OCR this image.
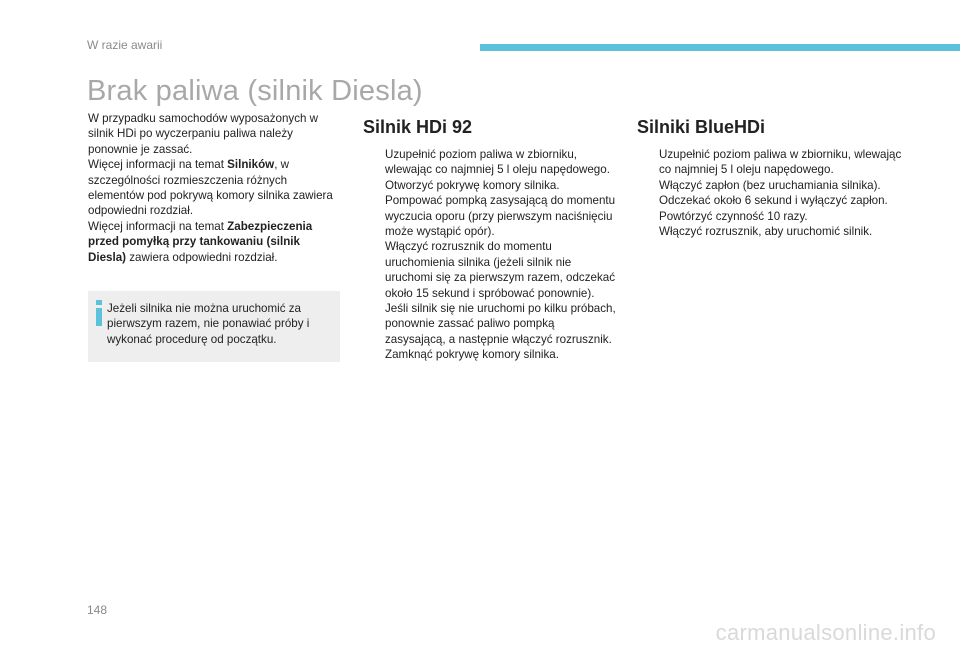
W razie awarii
Brak paliwa (silnik Diesla)

W przypadku samochodów wyposażonych w silnik HDi po wyczerpaniu paliwa należy ponownie je zassać.

Więcej informacji na temat Silników, w szczególności rozmieszczenia różnych elementów pod pokrywą komory silnika zawiera odpowiedni rozdział.

Więcej informacji na temat Zabezpieczenia przed pomyłką przy tankowaniu (silnik Diesla) zawiera odpowiedni rozdział.

Jeżeli silnika nie można uruchomić za pierwszym razem, nie ponawiać próby i wykonać procedurę od początku.
Silnik HDi 92
Uzupełnić poziom paliwa w zbiorniku, wlewając co najmniej 5 l oleju napędowego.
Otworzyć pokrywę komory silnika.
Pompować pompką zasysającą do momentu wyczucia oporu (przy pierwszym naciśnięciu może wystąpić opór).
Włączyć rozrusznik do momentu uruchomienia silnika (jeżeli silnik nie uruchomi się za pierwszym razem, odczekać około 15 sekund i spróbować ponownie).
Jeśli silnik się nie uruchomi po kilku próbach, ponownie zassać paliwo pompką zasysającą, a następnie włączyć rozrusznik.
Zamknąć pokrywę komory silnika.
Silniki BlueHDi
Uzupełnić poziom paliwa w zbiorniku, wlewając co najmniej 5 l oleju napędowego.
Włączyć zapłon (bez uruchamiania silnika).
Odczekać około 6 sekund i wyłączyć zapłon.
Powtórzyć czynność 10 razy.
Włączyć rozrusznik, aby uruchomić silnik.
148
carmanualsonline.info
